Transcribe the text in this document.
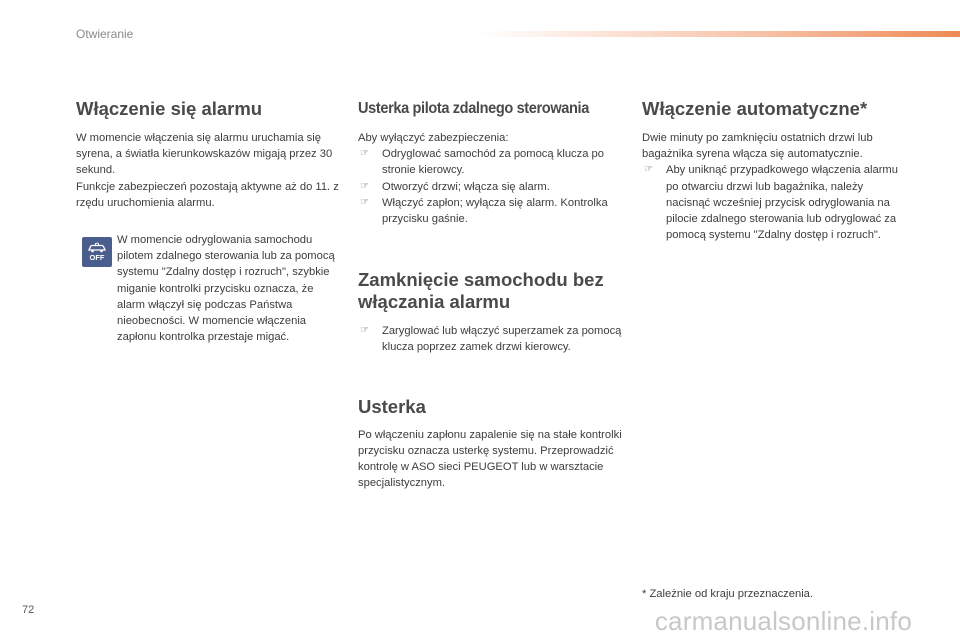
Otwieranie
Włączenie się alarmu

W momencie włączenia się alarmu uruchamia się syrena, a światła kierunkowskazów migają przez 30 sekund.

Funkcje zabezpieczeń pozostają aktywne aż do 11. z rzędu uruchomienia alarmu.

OFF
W momencie odryglowania samochodu pilotem zdalnego sterowania lub za pomocą systemu "Zdalny dostęp i rozruch", szybkie miganie kontrolki przycisku oznacza, że alarm włączył się podczas Państwa nieobecności. W momencie włączenia zapłonu kontrolka przestaje migać.
Usterka pilota zdalnego sterowania

Aby wyłączyć zabezpieczenia:

☞ Odryglować samochód za pomocą klucza po stronie kierowcy.
☞ Otworzyć drzwi; włącza się alarm.
☞ Włączyć zapłon; wyłącza się alarm. Kontrolka przycisku gaśnie.
Zamknięcie samochodu bez włączania alarmu
☞ Zaryglować lub włączyć superzamek za pomocą klucza poprzez zamek drzwi kierowcy.
Usterka

Po włączeniu zapłonu zapalenie się na stałe kontrolki przycisku oznacza usterkę systemu. Przeprowadzić kontrolę w ASO sieci PEUGEOT lub w warsztacie specjalistycznym.

Włączenie automatyczne*

Dwie minuty po zamknięciu ostatnich drzwi lub bagażnika syrena włącza się automatycznie.

☞ Aby uniknąć przypadkowego włączenia alarmu po otwarciu drzwi lub bagażnika, należy nacisnąć wcześniej przycisk odryglowania na pilocie zdalnego sterowania lub odryglować za pomocą systemu "Zdalny dostęp i rozruch".
* Zależnie od kraju przeznaczenia.
72	carmanualsonline.info
